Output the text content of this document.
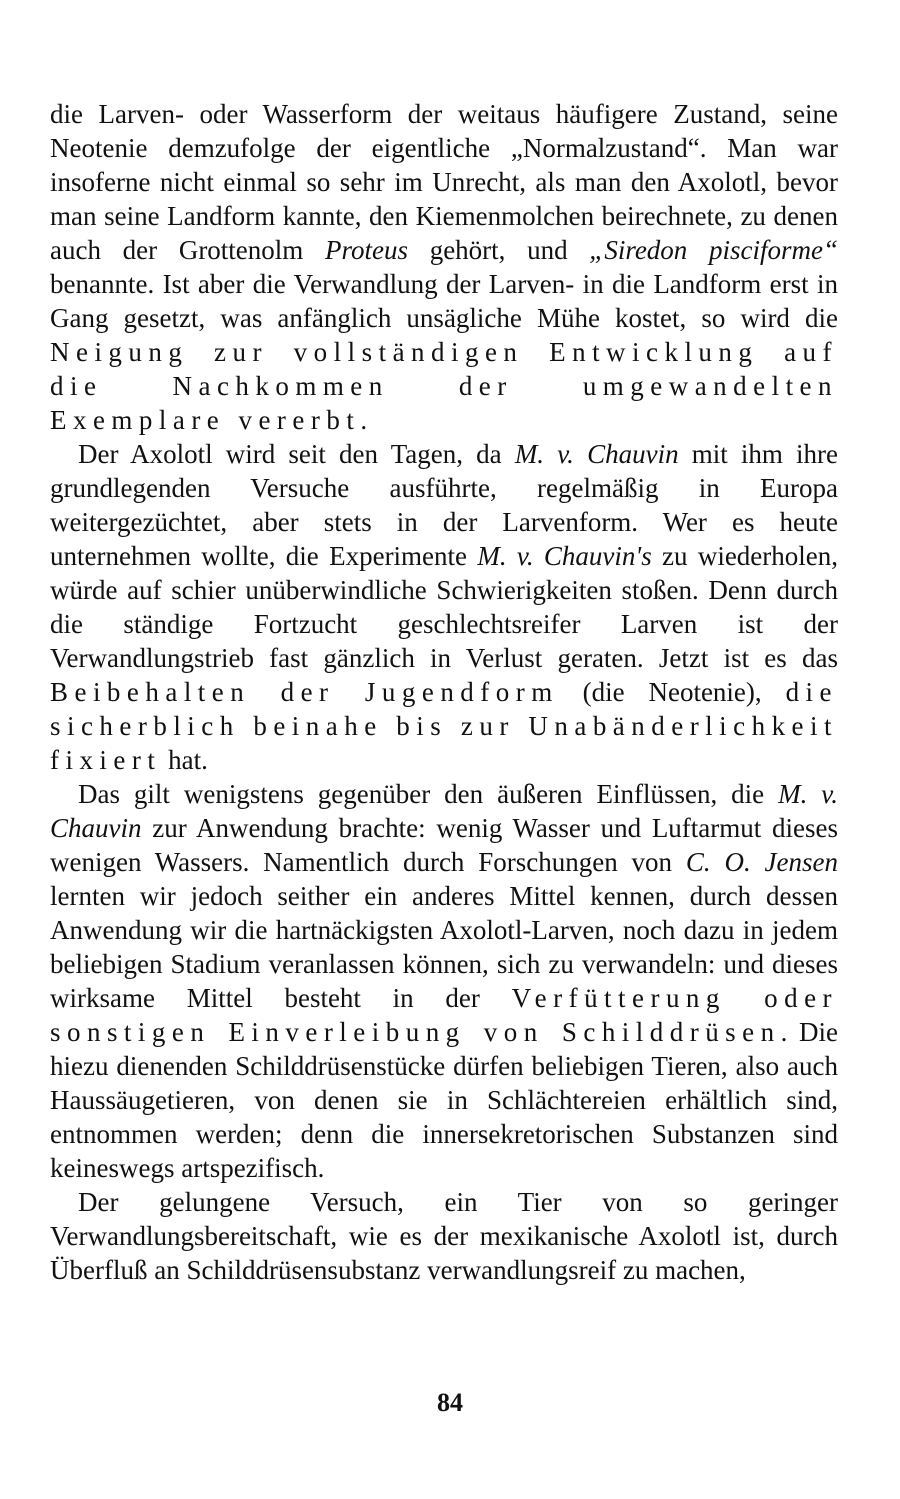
die Larven- oder Wasserform der weitaus häufigere Zustand, seine Neotenie demzufolge der eigentliche „Normalzustand“. Man war insoferne nicht einmal so sehr im Unrecht, als man den Axolotl, bevor man seine Landform kannte, den Kiemenmolchen beirechnete, zu denen auch der Grottenolm Proteus gehört, und „Siredon pisciforme“ benannte. Ist aber die Verwandlung der Larven- in die Landform erst in Gang gesetzt, was anfänglich unsägliche Mühe kostet, so wird die Neigung zur vollständigen Entwicklung auf die Nachkommen der umgewandelten Exemplare vererbt.

Der Axolotl wird seit den Tagen, da M. v. Chauvin mit ihm ihre grundlegenden Versuche ausführte, regelmäßig in Europa weitergezüchtet, aber stets in der Larvenform. Wer es heute unternehmen wollte, die Experimente M. v. Chauvin's zu wiederholen, würde auf schier unüberwindliche Schwierigkeiten stoßen. Denn durch die ständige Fortzucht geschlechtsreifer Larven ist der Verwandlungstrieb fast gänzlich in Verlust geraten. Jetzt ist es das Beibehalten der Jugendform (die Neotenie), die sicherblich beinahe bis zur Unabänderlichkeit fixiert hat.

Das gilt wenigstens gegenüber den äußeren Einflüssen, die M. v. Chauvin zur Anwendung brachte: wenig Wasser und Luftarmut dieses wenigen Wassers. Namentlich durch Forschungen von C. O. Jensen lernten wir jedoch seither ein anderes Mittel kennen, durch dessen Anwendung wir die hartnäckigsten Axolotl-Larven, noch dazu in jedem beliebigen Stadium veranlassen können, sich zu verwandeln: und dieses wirksame Mittel besteht in der Verfütterung oder sonstigen Einverleibung von Schilddrüsen. Die hiezu dienenden Schilddrüsenstücke dürfen beliebigen Tieren, also auch Haussäugetieren, von denen sie in Schlächtereien erhältlich sind, entnommen werden; denn die innersekretorischen Substanzen sind keineswegs artspezifisch.

Der gelungene Versuch, ein Tier von so geringer Verwandlungsbereitschaft, wie es der mexikanische Axolotl ist, durch Überfluß an Schilddrüsensubstanz verwandlungsreif zu machen,

84
